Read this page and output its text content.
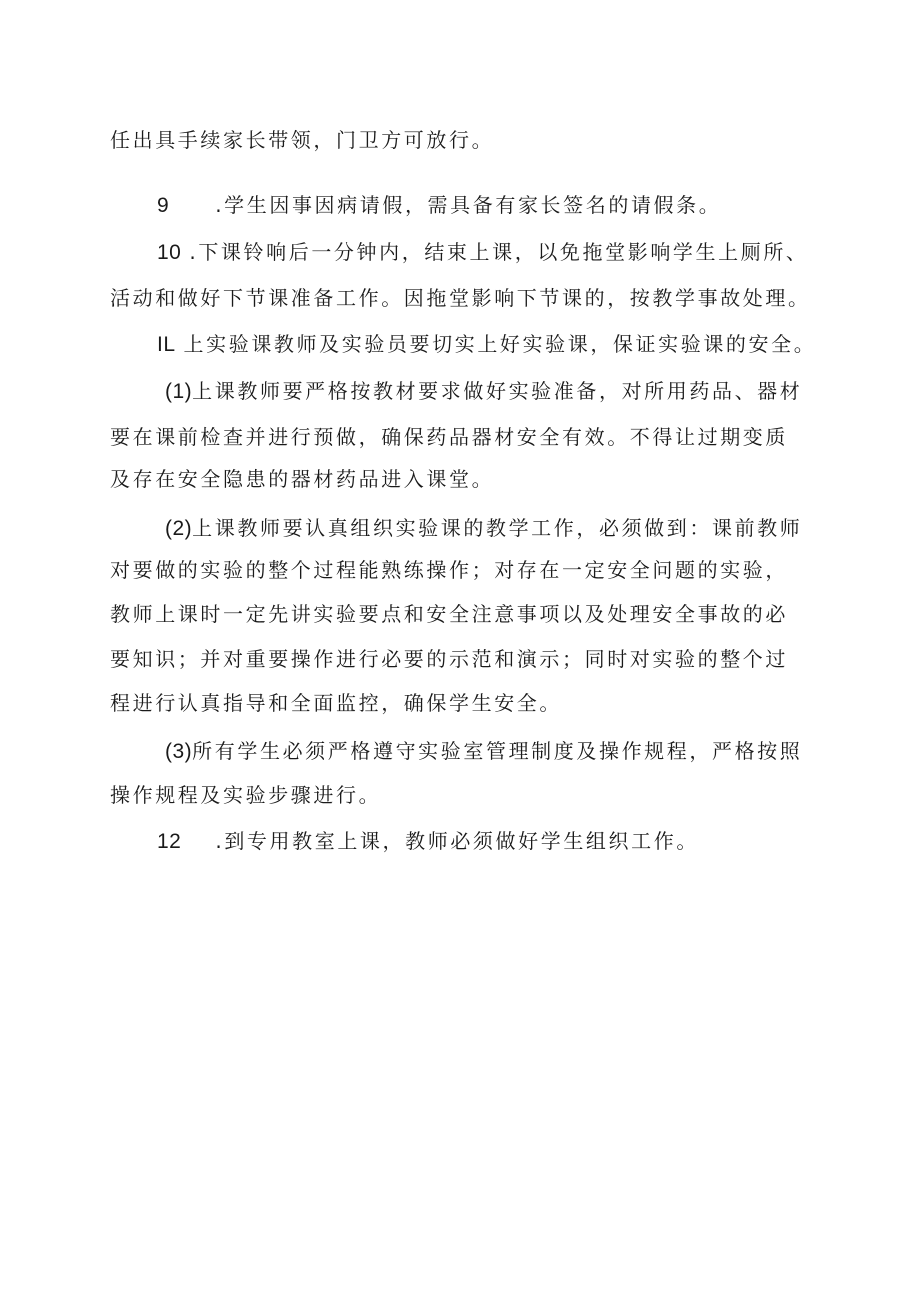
任出具手续家长带领，门卫方可放行。
9 .学生因事因病请假，需具备有家长签名的请假条。
10 .下课铃响后一分钟内，结束上课，以免拖堂影响学生上厕所、
活动和做好下节课准备工作。因拖堂影响下节课的，按教学事故处理。
IL 上实验课教师及实验员要切实上好实验课，保证实验课的安全。
(1)上课教师要严格按教材要求做好实验准备，对所用药品、器材
要在课前检查并进行预做，确保药品器材安全有效。不得让过期变质
及存在安全隐患的器材药品进入课堂。
(2)上课教师要认真组织实验课的教学工作，必须做到：课前教师
对要做的实验的整个过程能熟练操作；对存在一定安全问题的实验，
教师上课时一定先讲实验要点和安全注意事项以及处理安全事故的必
要知识；并对重要操作进行必要的示范和演示；同时对实验的整个过
程进行认真指导和全面监控，确保学生安全。
(3)所有学生必须严格遵守实验室管理制度及操作规程，严格按照
操作规程及实验步骤进行。
12 .到专用教室上课，教师必须做好学生组织工作。
